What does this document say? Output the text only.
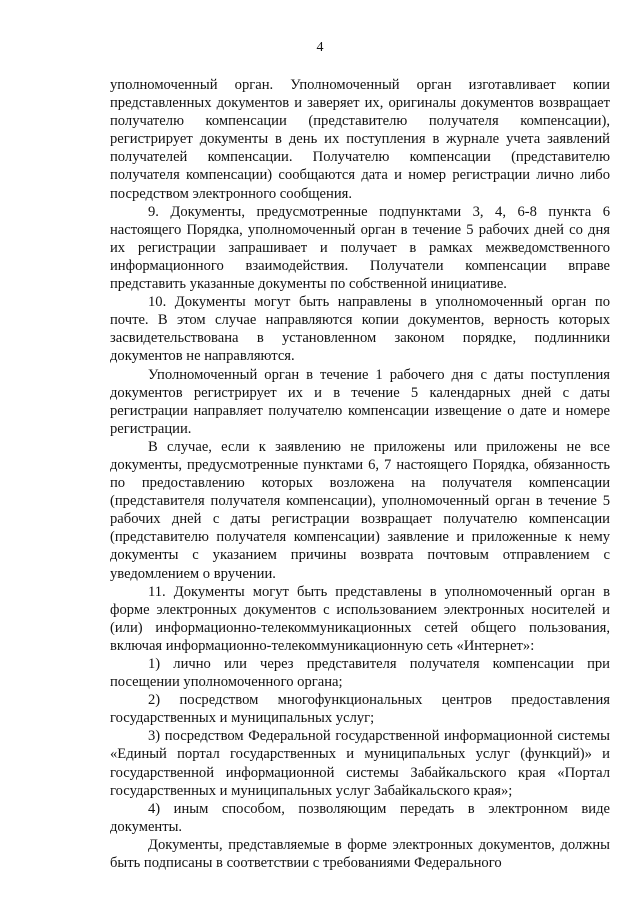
4

уполномоченный орган. Уполномоченный орган изготавливает копии представленных документов и заверяет их, оригиналы документов возвращает получателю компенсации (представителю получателя компенсации), регистрирует документы в день их поступления в журнале учета заявлений получателей компенсации. Получателю компенсации (представителю получателя компенсации) сообщаются дата и номер регистрации лично либо посредством электронного сообщения.

9. Документы, предусмотренные подпунктами 3, 4, 6-8 пункта 6 настоящего Порядка, уполномоченный орган в течение 5 рабочих дней со дня их регистрации запрашивает и получает в рамках межведомственного информационного взаимодействия. Получатели компенсации вправе представить указанные документы по собственной инициативе.

10. Документы могут быть направлены в уполномоченный орган по почте. В этом случае направляются копии документов, верность которых засвидетельствована в установленном законом порядке, подлинники документов не направляются.

Уполномоченный орган в течение 1 рабочего дня с даты поступления документов регистрирует их и в течение 5 календарных дней с даты регистрации направляет получателю компенсации извещение о дате и номере регистрации.

В случае, если к заявлению не приложены или приложены не все документы, предусмотренные пунктами 6, 7 настоящего Порядка, обязанность по предоставлению которых возложена на получателя компенсации (представителя получателя компенсации), уполномоченный орган в течение 5 рабочих дней с даты регистрации возвращает получателю компенсации (представителю получателя компенсации) заявление и приложенные к нему документы с указанием причины возврата почтовым отправлением с уведомлением о вручении.

11. Документы могут быть представлены в уполномоченный орган в форме электронных документов с использованием электронных носителей и (или) информационно-телекоммуникационных сетей общего пользования, включая информационно-телекоммуникационную сеть «Интернет»:

1) лично или через представителя получателя компенсации при посещении уполномоченного органа;

2) посредством многофункциональных центров предоставления государственных и муниципальных услуг;

3) посредством Федеральной государственной информационной системы «Единый портал государственных и муниципальных услуг (функций)» и государственной информационной системы Забайкальского края «Портал государственных и муниципальных услуг Забайкальского края»;

4) иным способом, позволяющим передать в электронном виде документы.

Документы, представляемые в форме электронных документов, должны быть подписаны в соответствии с требованиями Федерального
